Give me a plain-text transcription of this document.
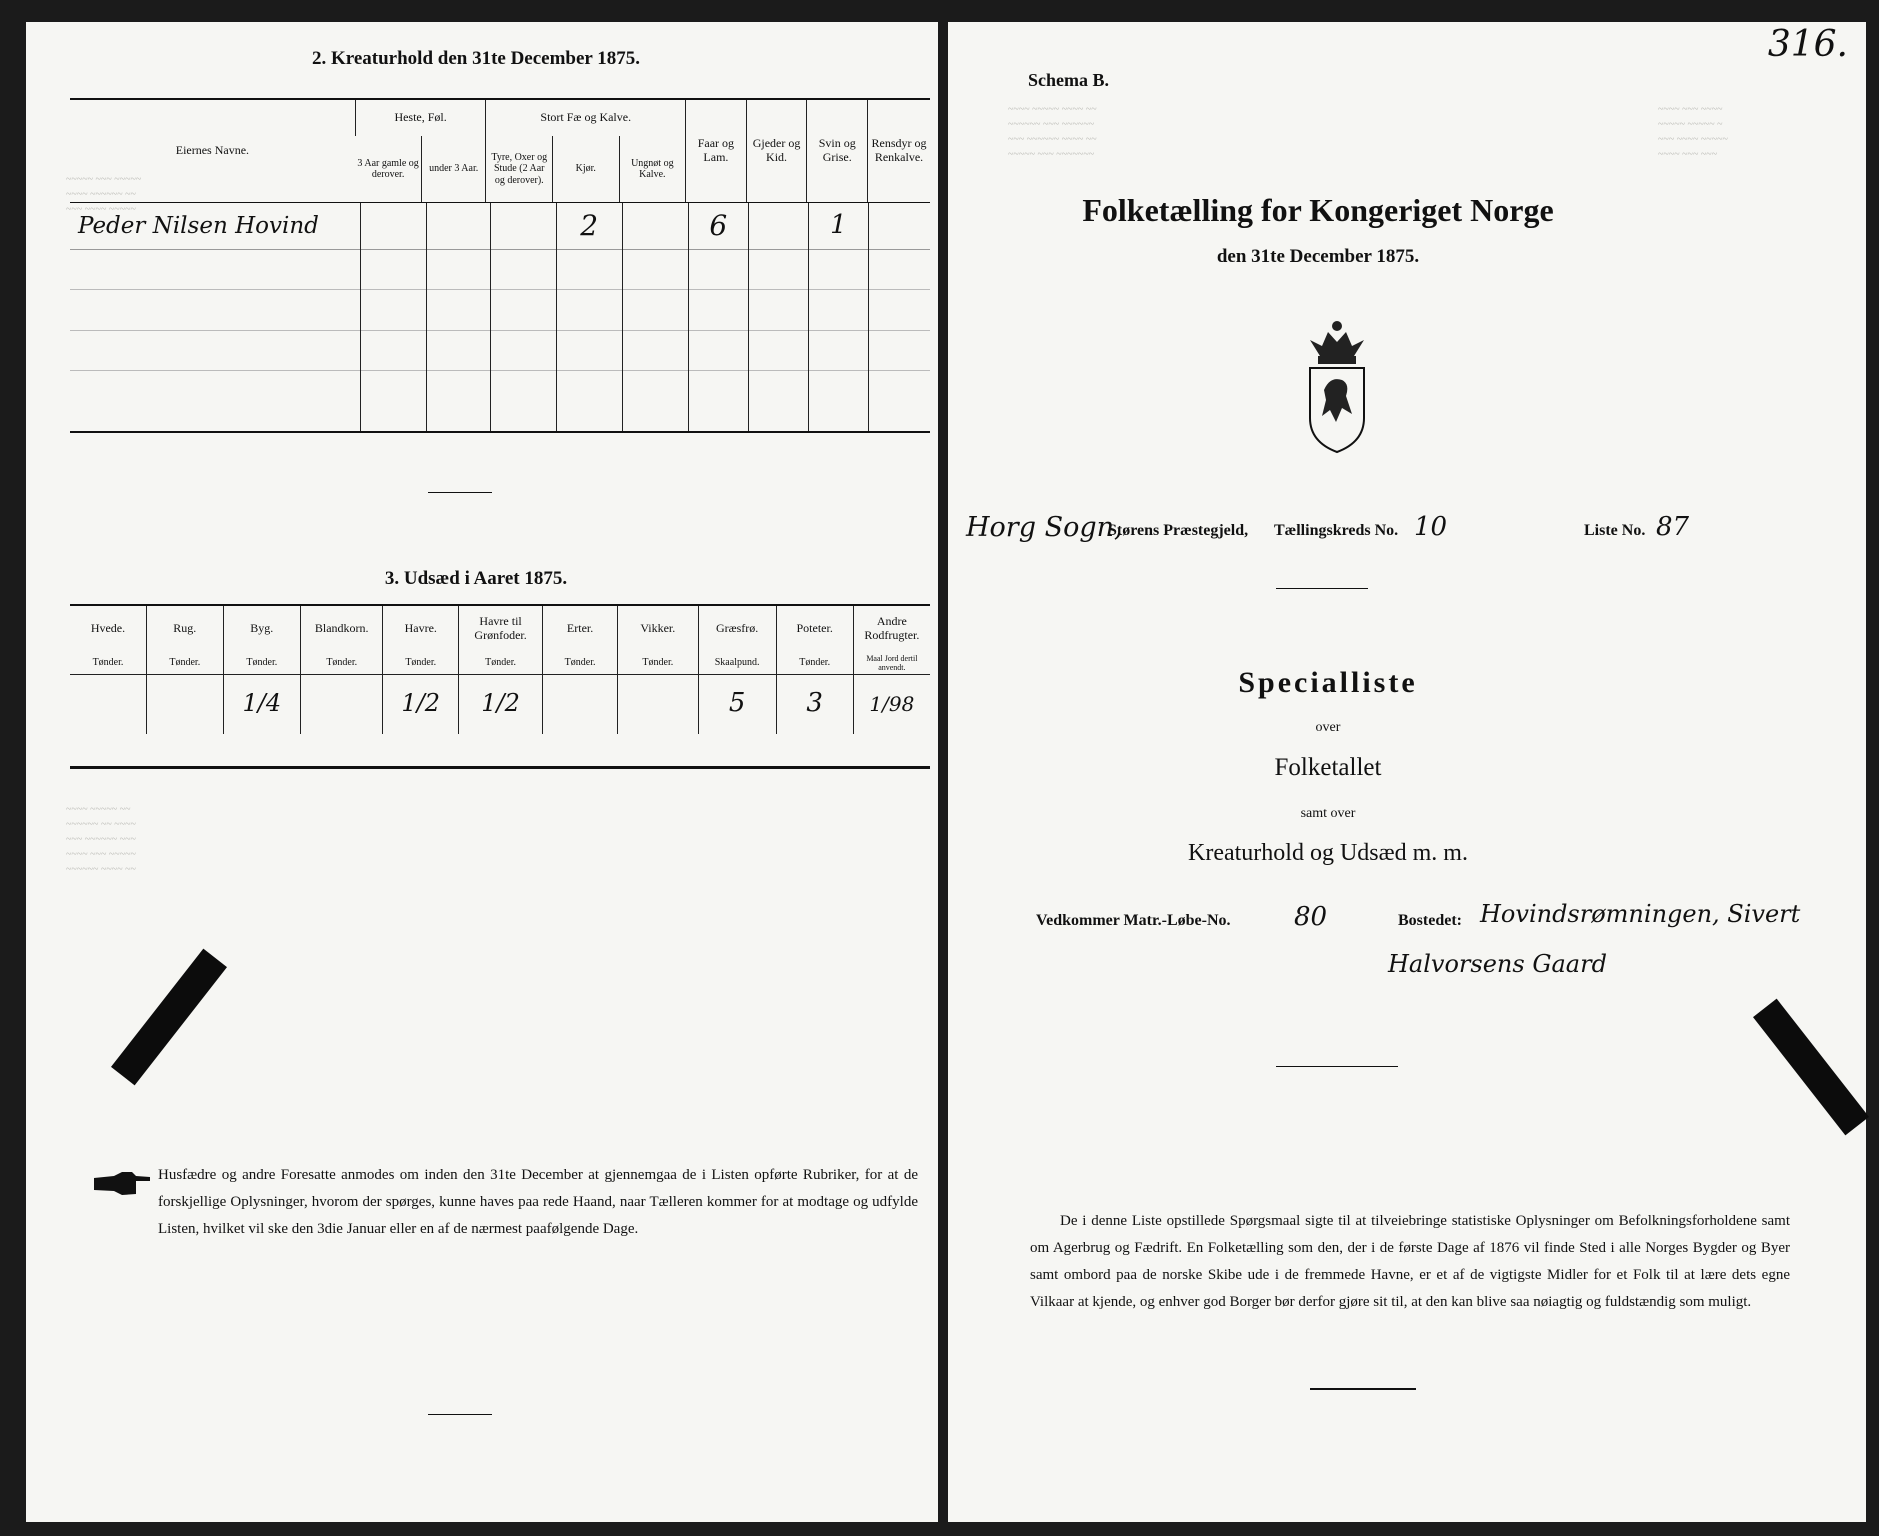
~~~~~ ~~~ ~~~~~
~~~~ ~~~~~~ ~~
~~~ ~~~~ ~~~~~
~~~~ ~~~~~ ~~
~~~~~~ ~~ ~~~~
~~~ ~~~~~~ ~~~
~~~~ ~~~ ~~~~~
~~~~~~ ~~~~ ~~
2. Kreaturhold den 31te December 1875.
Eiernes Navne.	Heste, Føl.		Stort Fæ og Kalve.			Faar og Lam.	Gjeder og Kid.	Svin og Grise.	Rensdyr og Renkalve.
	3 Aar gamle og derover.	under 3 Aar.	Tyre, Oxer og Stude (2 Aar og derover).	Kjør.	Ungnøt og Kalve.				
Peder Nilsen Hovind				2		6		1	

3. Udsæd i Aaret 1875.
Hvede.	Rug.	Byg.	Blandkorn.	Havre.	Havre til Grønfoder.	Erter.	Vikker.	Græsfrø.	Poteter.	Andre Rodfrugter.
Tønder.	Tønder.	Tønder.	Tønder.	Tønder.	Tønder.	Tønder.	Tønder.	Skaalpund.	Tønder.	Maal Jord dertil anvendt.
		1/4		1/2	1/2			5	3	1/98
Husfædre og andre Foresatte anmodes om inden den 31te December at gjennemgaa de i Listen opførte Rubriker, for at de forskjellige Oplysninger, hvorom der spørges, kunne haves paa rede Haand, naar Tælleren kommer for at modtage og udfylde Listen, hvilket vil ske den 3die Januar eller en af de nærmest paafølgende Dage.
~~~~ ~~~~~ ~~~~ ~~
~~~~~~ ~~~ ~~~~~~
~~~ ~~~~~~ ~~~~ ~~
~~~~~ ~~~ ~~~~~~~
~~~~ ~~~ ~~~~
~~~~~ ~~~~~ ~
~~~ ~~~~ ~~~~~
~~~~ ~~~ ~~~
316.
Schema B.
Folketælling for Kongeriget Norge
den 31te December 1875.
Horg Sogn,
Størens Præstegjeld, Tællingskreds No. 10	Liste No. 87
Specialliste
over
Folketallet
samt over
Kreaturhold og Udsæd m. m.
Vedkommer Matr.-Løbe-No. 80	Bostedet: Hovindsrømningen, Sivert
Halvorsens Gaard
De i denne Liste opstillede Spørgsmaal sigte til at tilveiebringe statistiske Oplysninger om Befolkningsforholdene samt om Agerbrug og Fædrift. En Folketælling som den, der i de første Dage af 1876 vil finde Sted i alle Norges Bygder og Byer samt ombord paa de norske Skibe ude i de fremmede Havne, er et af de vigtigste Midler for et Folk til at lære dets egne Vilkaar at kjende, og enhver god Borger bør derfor gjøre sit til, at den kan blive saa nøiagtig og fuldstændig som muligt.
